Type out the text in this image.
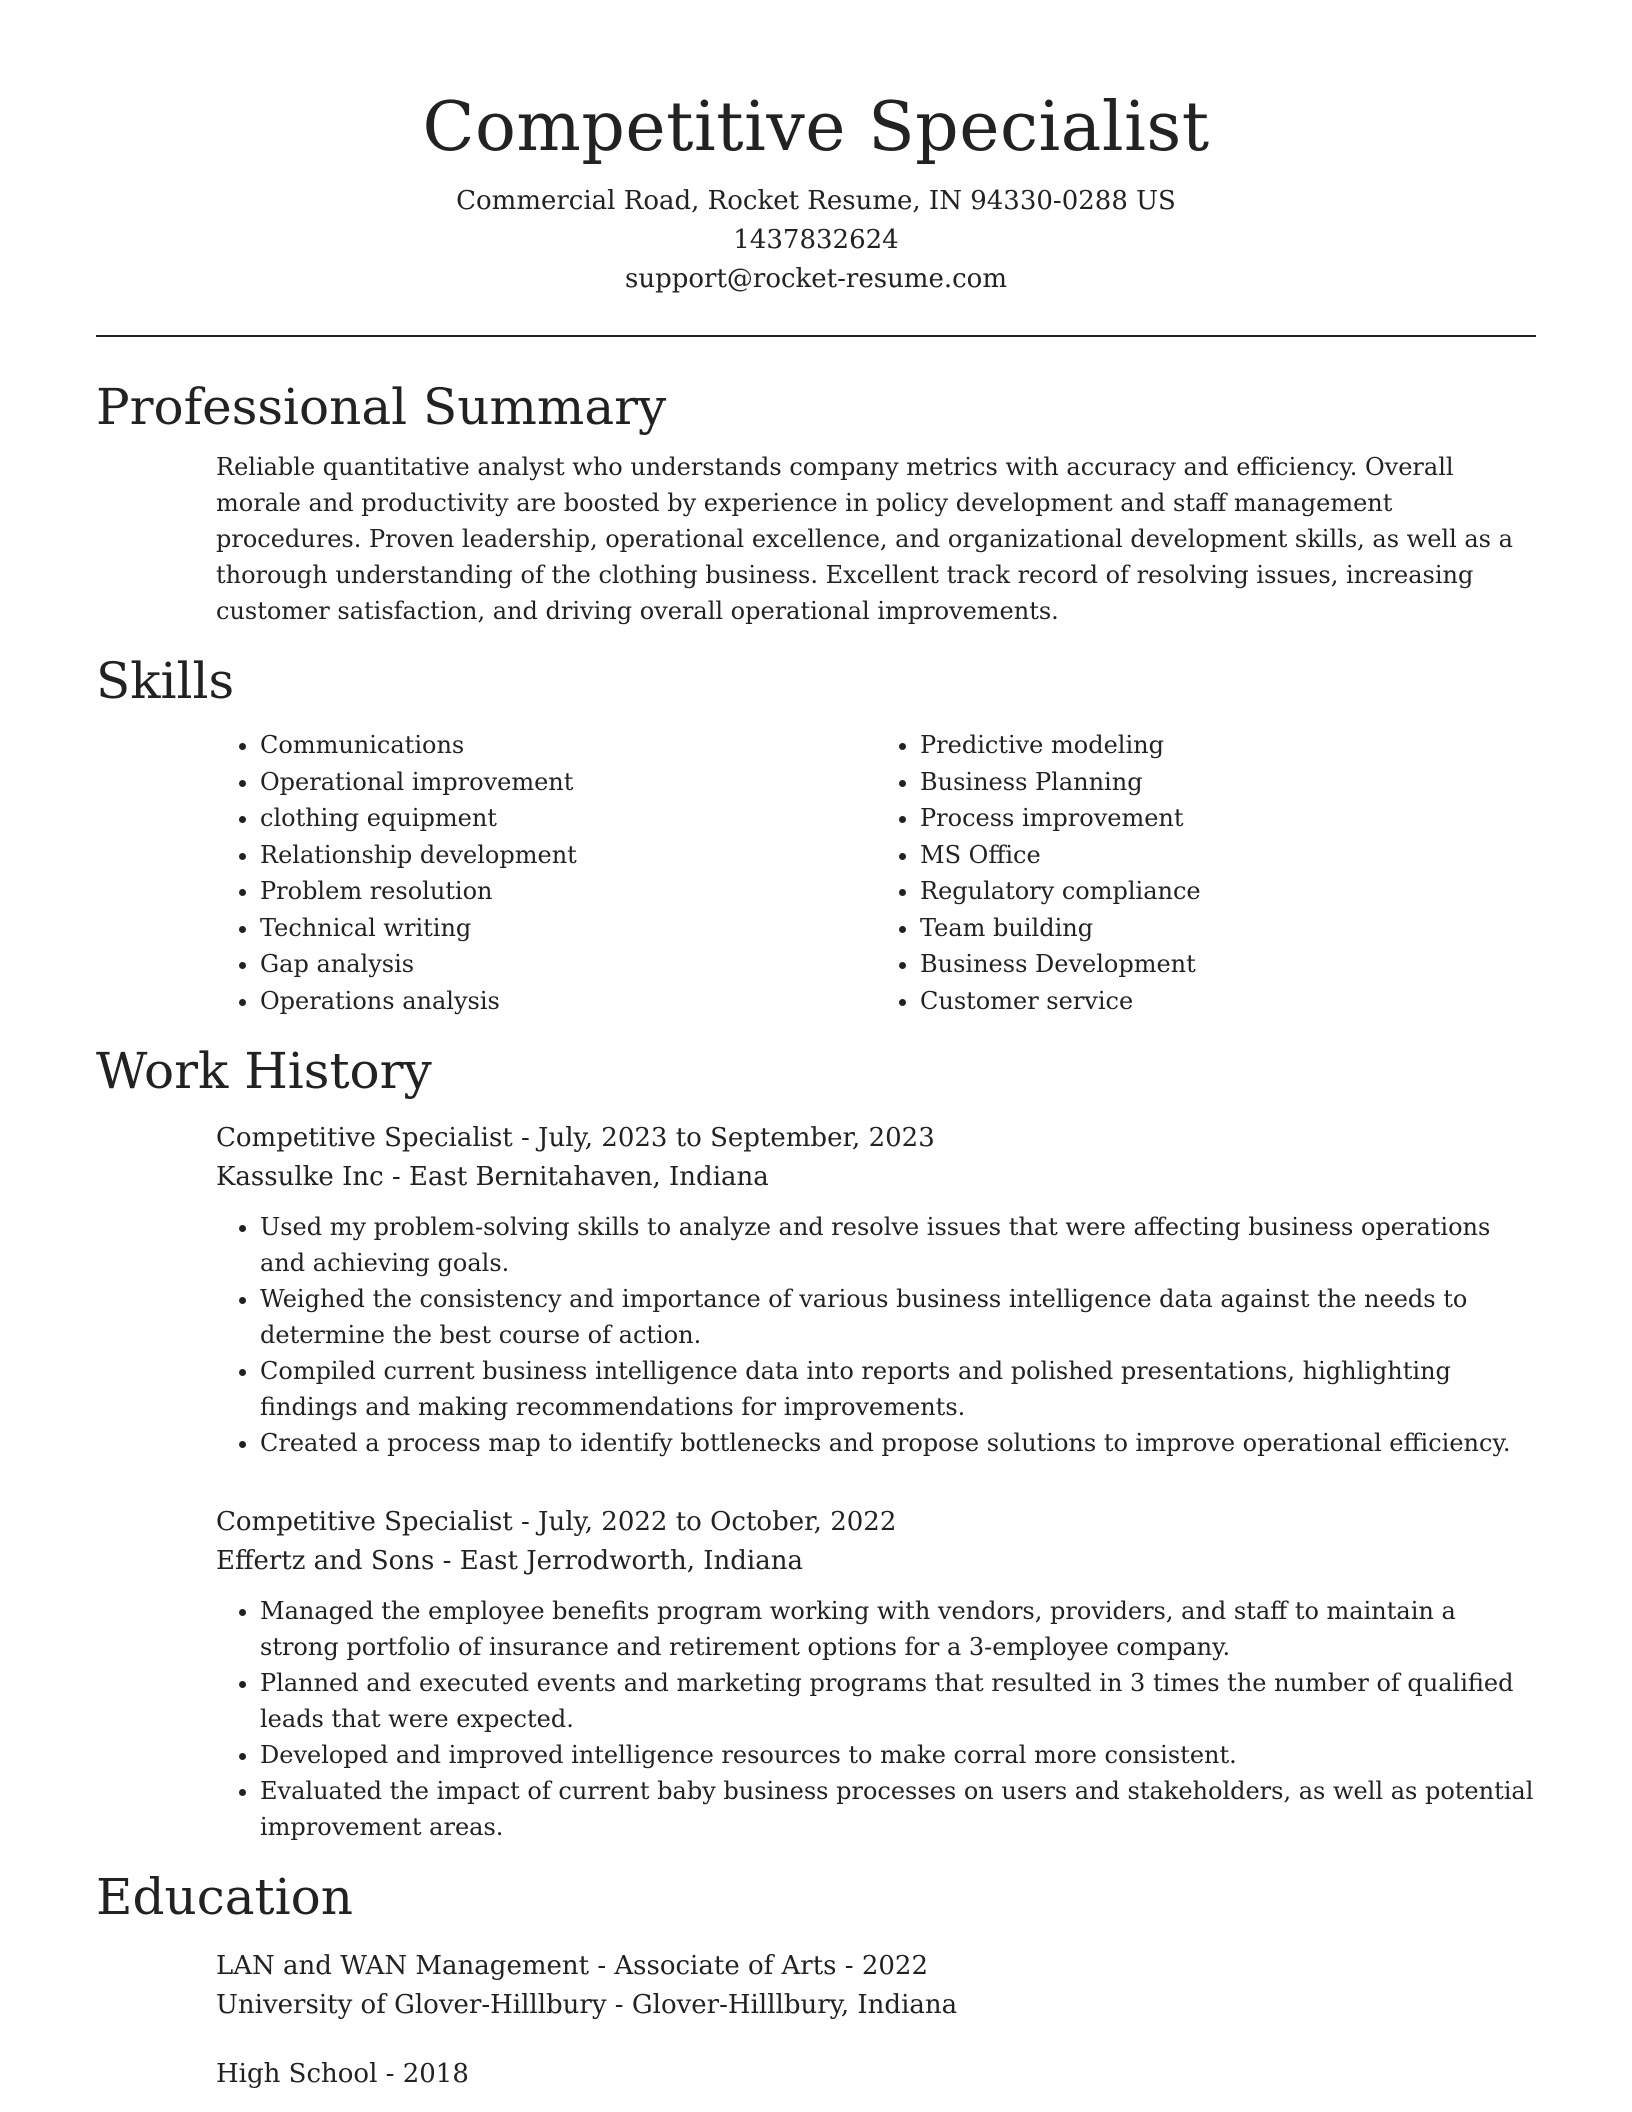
Competitive Specialist

Commercial Road, Rocket Resume, IN 94330-0288 US

1437832624

support@rocket-resume.com

Professional Summary

Reliable quantitative analyst who understands company metrics with accuracy and efficiency. Overall morale and productivity are boosted by experience in policy development and staff management procedures. Proven leadership, operational excellence, and organizational development skills, as well as a thorough understanding of the clothing business. Excellent track record of resolving issues, increasing customer satisfaction, and driving overall operational improvements.

Skills
• Communications
• Operational improvement
• clothing equipment
• Relationship development
• Problem resolution
• Technical writing
• Gap analysis
• Operations analysis
• Predictive modeling
• Business Planning
• Process improvement
• MS Office
• Regulatory compliance
• Team building
• Business Development
• Customer service
Work History

Competitive Specialist - July, 2023 to September, 2023

Kassulke Inc - East Bernitahaven, Indiana

• Used my problem-solving skills to analyze and resolve issues that were affecting business operations and achieving goals.
• Weighed the consistency and importance of various business intelligence data against the needs to determine the best course of action.
• Compiled current business intelligence data into reports and polished presentations, highlighting findings and making recommendations for improvements.
• Created a process map to identify bottlenecks and propose solutions to improve operational efficiency.

Competitive Specialist - July, 2022 to October, 2022

Effertz and Sons - East Jerrodworth, Indiana

• Managed the employee benefits program working with vendors, providers, and staff to maintain a strong portfolio of insurance and retirement options for a 3-employee company.
• Planned and executed events and marketing programs that resulted in 3 times the number of qualified leads that were expected.
• Developed and improved intelligence resources to make corral more consistent.
• Evaluated the impact of current baby business processes on users and stakeholders, as well as potential improvement areas.
Education

LAN and WAN Management - Associate of Arts - 2022

University of Glover-Hilllbury - Glover-Hilllbury, Indiana

High School - 2018
